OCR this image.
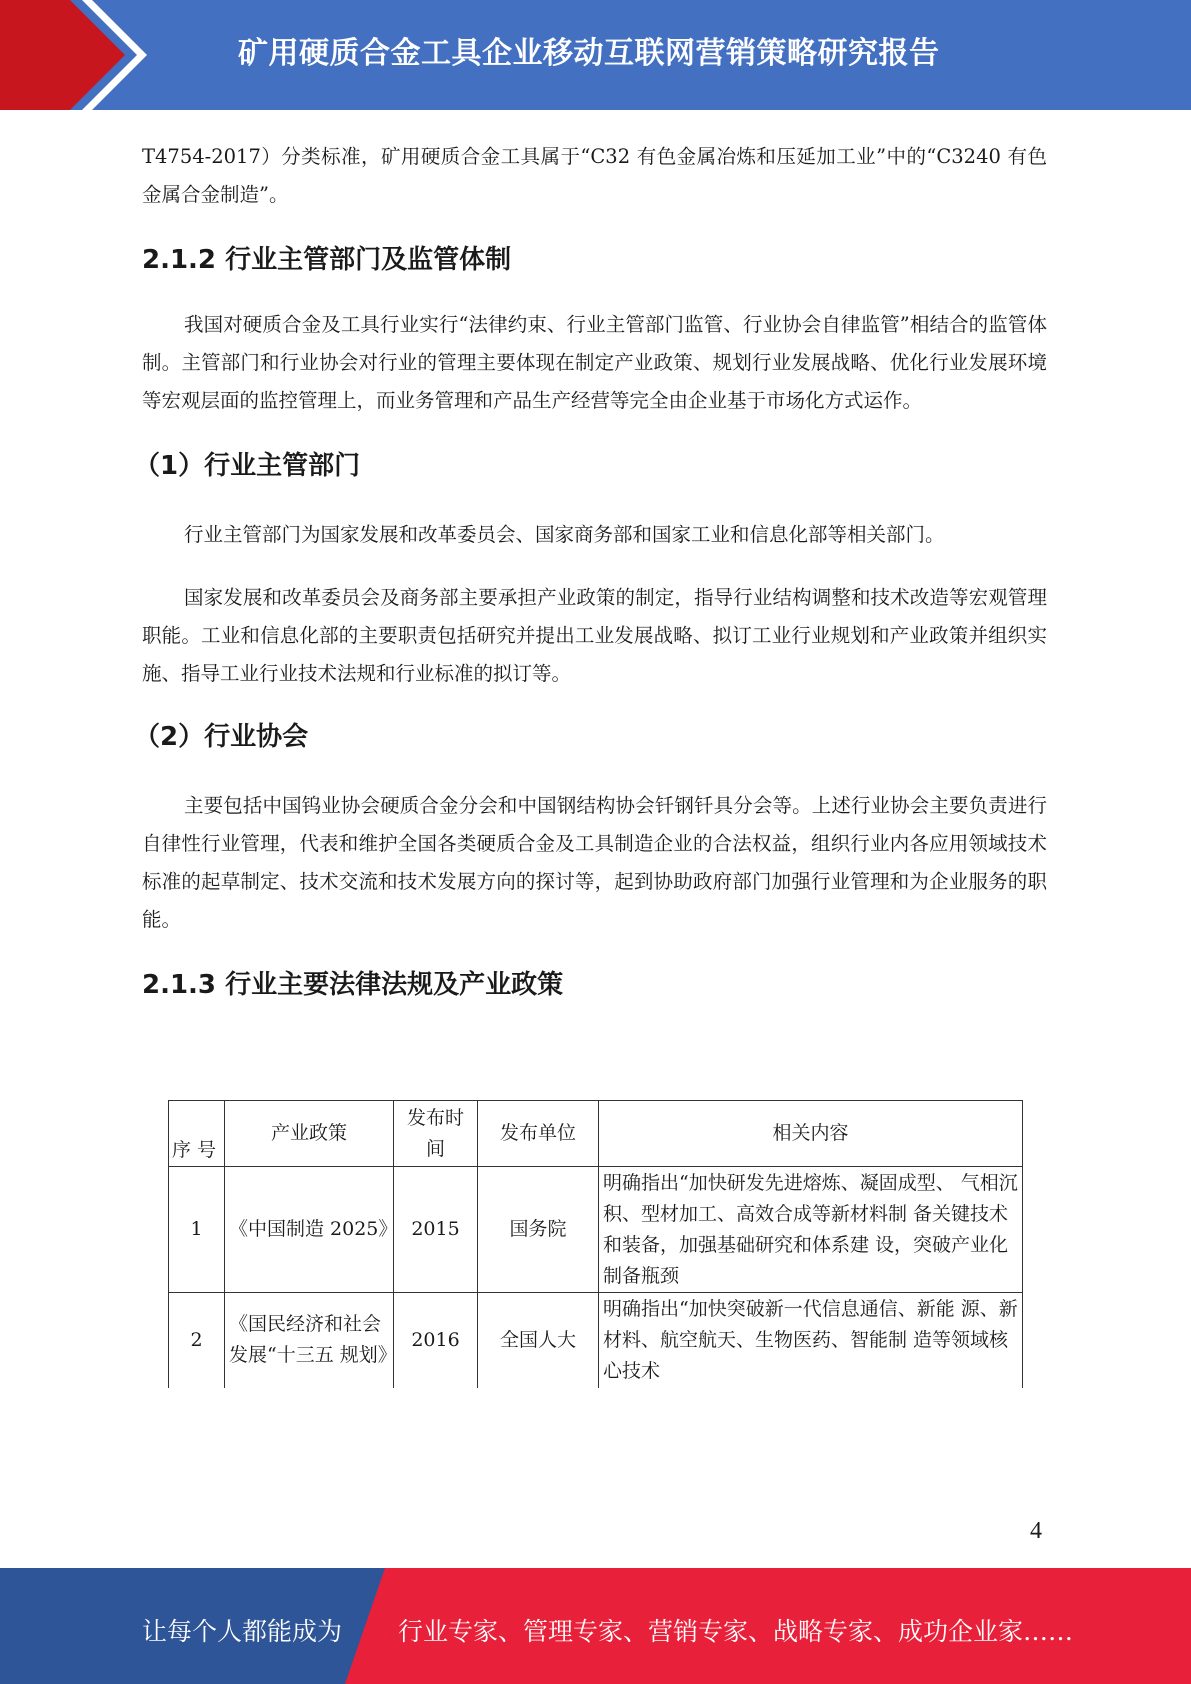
矿用硬质合金工具企业移动互联网营销策略研究报告

T4754-2017）分类标准，矿用硬质合金工具属于“C32 有色金属冶炼和压延加工业”中的“C3240 有色金属合金制造”。

2.1.2 行业主管部门及监管体制

我国对硬质合金及工具行业实行“法律约束、行业主管部门监管、行业协会自律监管”相结合的监管体制。主管部门和行业协会对行业的管理主要体现在制定产业政策、规划行业发展战略、优化行业发展环境等宏观层面的监控管理上，而业务管理和产品生产经营等完全由企业基于市场化方式运作。

（1）行业主管部门

行业主管部门为国家发展和改革委员会、国家商务部和国家工业和信息化部等相关部门。

国家发展和改革委员会及商务部主要承担产业政策的制定，指导行业结构调整和技术改造等宏观管理职能。工业和信息化部的主要职责包括研究并提出工业发展战略、拟订工业行业规划和产业政策并组织实施、指导工业行业技术法规和行业标准的拟订等。

（2）行业协会

主要包括中国钨业协会硬质合金分会和中国钢结构协会钎钢钎具分会等。上述行业协会主要负责进行自律性行业管理，代表和维护全国各类硬质合金及工具制造企业的合法权益，组织行业内各应用领域技术标准的起草制定、技术交流和技术发展方向的探讨等，起到协助政府部门加强行业管理和为企业服务的职能。

2.1.3 行业主要法律法规及产业政策
序 号	产业政策	发布时间	发布单位	相关内容
1	《中国制造 2025》	2015	国务院	明确指出“加快研发先进熔炼、凝固成型、 气相沉积、型材加工、高效合成等新材料制 备关键技术和装备，加强基础研究和体系建 设，突破产业化制备瓶颈
2	《国民经济和社会发展“十三五 规划》	2016	全国人大	明确指出“加快突破新一代信息通信、新能 源、新材料、航空航天、生物医药、智能制 造等领域核心技术
4
让每个人都能成为 行业专家、管理专家、营销专家、战略专家、成功企业家……
